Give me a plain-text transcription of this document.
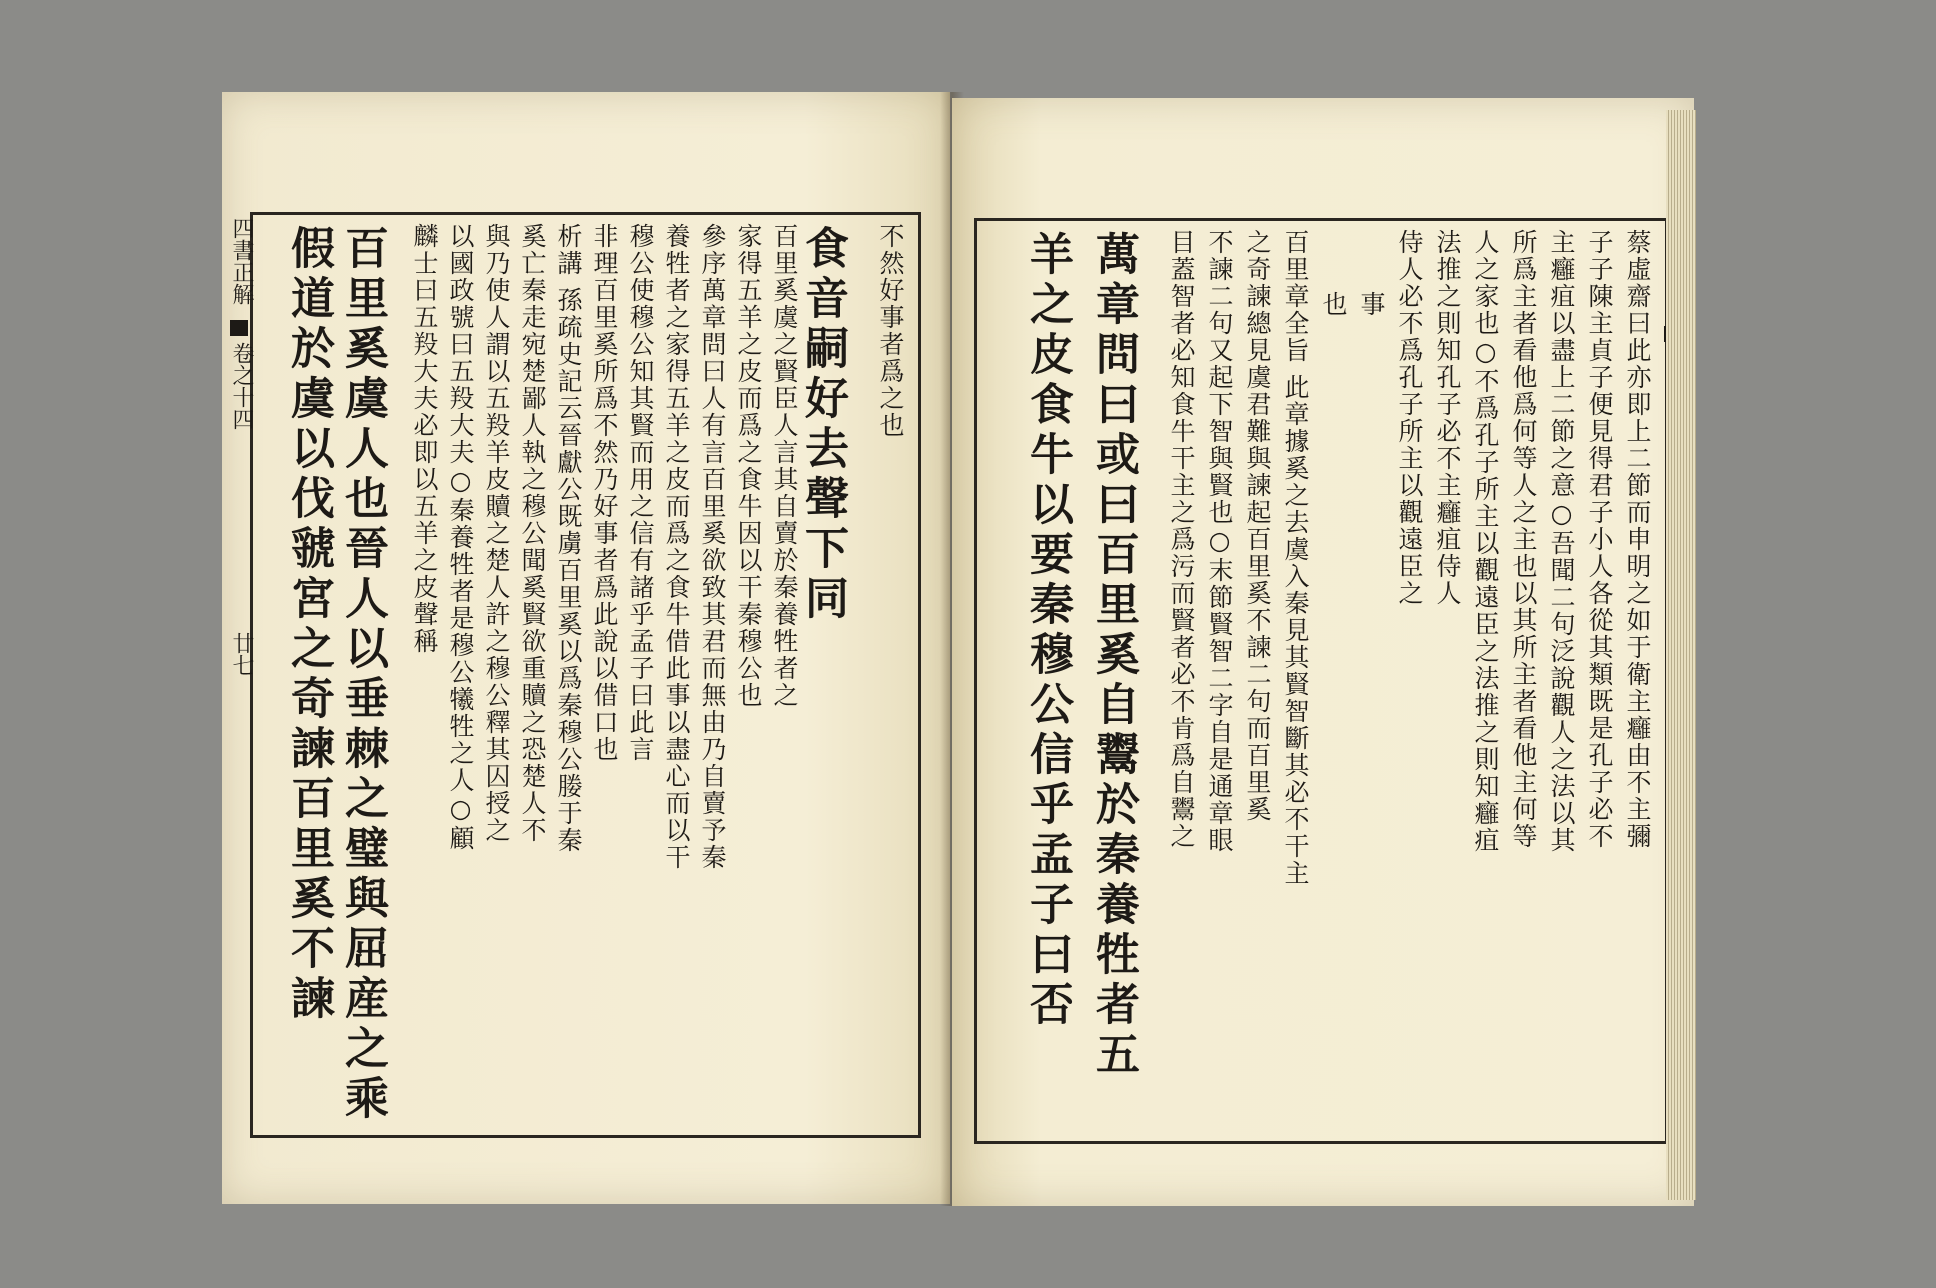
不然好事者爲之也
食音嗣好去聲下同
百里奚虞之賢臣人言其自賣於秦養牲者之
家得五羊之皮而爲之食牛因以干秦穆公也
參序萬章問曰人有言百里奚欲致其君而無由乃自賣予秦
養牲者之家得五羊之皮而爲之食牛借此事以盡心而以干
穆公使穆公知其賢而用之信有諸乎孟子曰此言
非理百里奚所爲不然乃好事者爲此說以借口也
析講 孫疏史記云晉獻公既虜百里奚以爲秦穆公媵于秦
奚亡秦走宛楚鄙人執之穆公聞奚賢欲重贖之恐楚人不
與乃使人謂以五羖羊皮贖之楚人許之穆公釋其囚授之
以國政號曰五羖大夫○秦養牲者是穆公犧牲之人○顧
麟士曰五羖大夫必即以五羊之皮聲稱
百里奚虞人也晉人以垂棘之璧與屈産之乘
假道於虞以伐虢宮之奇諫百里奚不諫
四書正解
卷之十四
廿七	蔡虛齋曰此亦即上二節而申明之如于衛主癰由不主彌
子子陳主貞子便見得君子小人各從其類既是孔子必不
主癰疽以盡上二節之意○吾聞二句泛說觀人之法以其
所爲主者看他爲何等人之主也以其所主者看他主何等
人之家也○不爲孔子所主以觀遠臣之法推之則知癰疽
法推之則知孔子必不主癰疽侍人
侍人必不爲孔子所主以觀遠臣之
事
也
百里章全旨 此章據奚之去虞入秦見其賢智斷其必不干主
之奇諫總見虞君難與諫起百里奚不諫二句而百里奚
不諫二句又起下智與賢也○末節賢智二字自是通章眼
目蓋智者必知食牛干主之爲污而賢者必不肯爲自鬻之
萬章問曰或曰百里奚自鬻於秦養牲者五
羊之皮食牛以要秦穆公信乎孟子曰否
